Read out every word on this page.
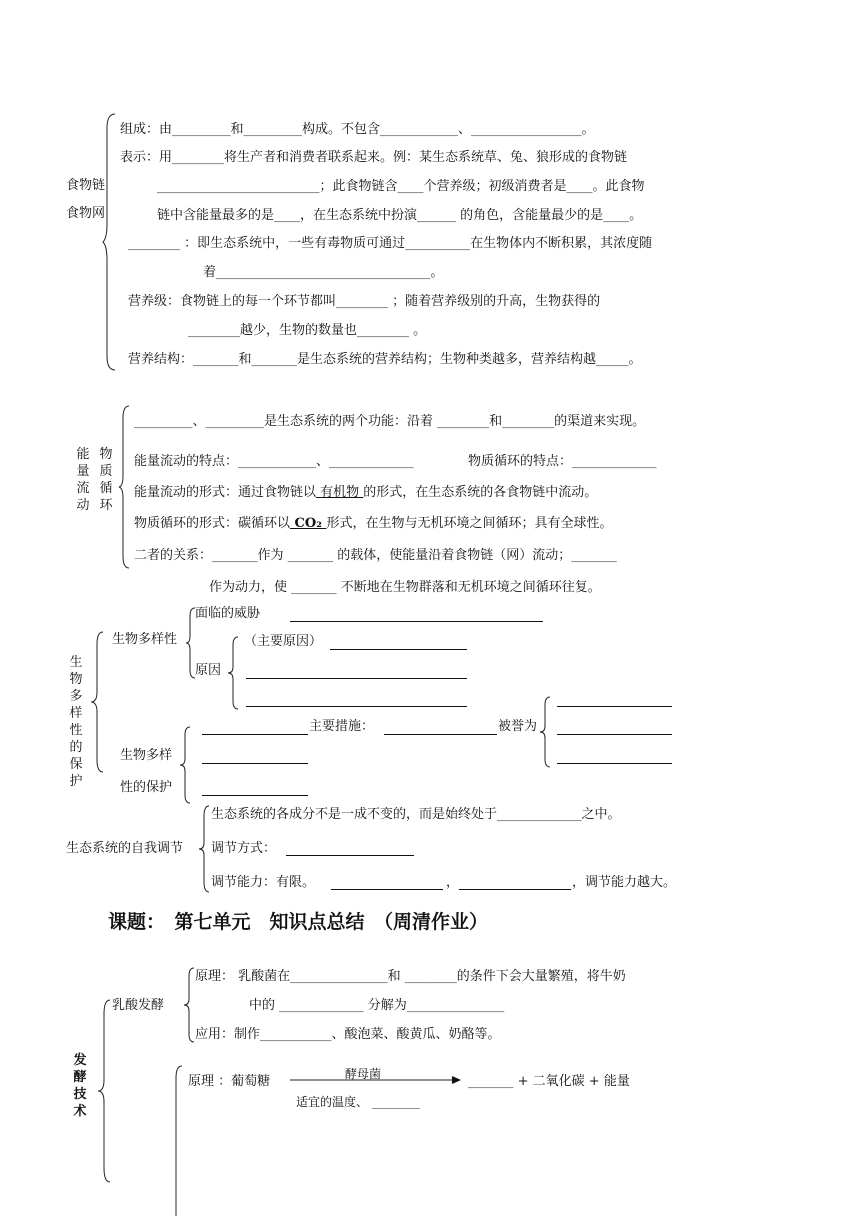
食物链
食物网
组成：由_________和_________构成。不包含____________、_________________。
表示：用________将生产者和消费者联系起来。例：某生态系统草、兔、狼形成的食物链
_________________________；此食物链含____个营养级；初级消费者是____。此食物
链中含能量最多的是____，在生态系统中扮演______ 的角色，含能量最少的是____。
________ ：即生态系统中，一些有毒物质可通过__________在生物体内不断积累，其浓度随
着_________________________________。
营养级：食物链上的每一个环节都叫________ ；随着营养级别的升高，生物获得的
________越少，生物的数量也________ 。
营养结构：_______和_______是生态系统的营养结构；生物种类越多，营养结构越_____。
能量流动
物质循环
_________、_________是生态系统的两个功能：沿着 ________和________的渠道来实现。
能量流动的特点：____________、_____________	物质循环的特点：_____________
能量流动的形式：通过食物链以 有机物 的形式，在生态系统的各食物链中流动。
物质循环的形式：碳循环以 CO₂ 形式，在生物与无机环境之间循环；具有全球性。
二者的关系：_______作为 _______ 的载体，使能量沿着食物链（网）流动；_______
作为动力，使 _______ 不断地在生物群落和无机环境之间循环往复。
生物多样性的保护
生物多样性
面临的威胁
原因
（主要原因）
生物多样
性的保护
主要措施：	被誉为
生态系统的自我调节
生态系统的各成分不是一成不变的，而是始终处于_____________之中。
调节方式：
调节能力：有限。	，	，调节能力越大。
课题：　第七单元　知识点总结　（周清作业）
发酵技术
乳酸发酵
原理： 乳酸菌在_______________和 ________的条件下会大量繁殖，将牛奶
中的 _____________ 分解为_______________
应用：制作___________、酸泡菜、酸黄瓜、奶酪等。
原理 ：葡萄糖	酵母菌	_______ + 二氧化碳 + 能量
适宜的温度、 ________
